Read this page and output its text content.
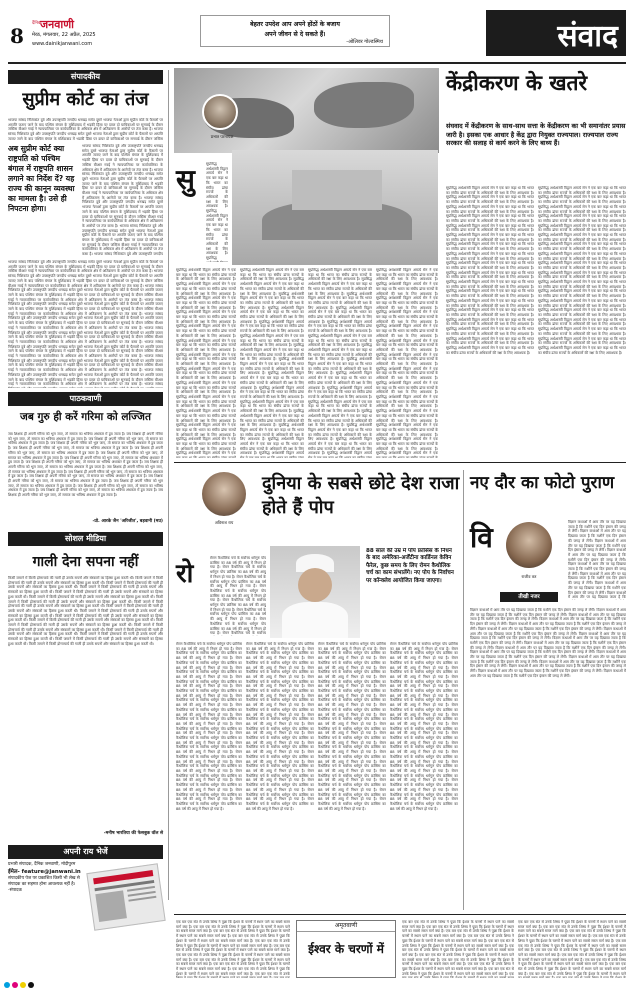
8
दैनिक
जनवाणी
मेरठ, मंगलवार, 22 अप्रैल, 2025
www.dainikjanwani.com
बेहतर उपदेश आप अपने होंठों के बजाय
अपने जीवन से दे सकते हैं।
-ओलिवर गोल्डस्मिथ	संवाद
संपादकीय
सुप्रीम कोर्ट का तंज
भाजपा सांसद निशिकांत दुबे और उपराष्ट्रपति जगदीप धनखड़ समेत दूसरे भाजपा नेताओं द्वारा सुप्रीम कोर्ट के फैसलों पर आपत्ति जताए जाने के बाद पश्चिम बंगाल के मुर्शिदाबाद में भड़की हिंसा पर दायर दो याचिकाओं पर सुनवाई के दौरान जस्टिस बीआर गवई ने न्यायपालिका पर कार्यपालिका के अधिकार क्षेत्र में अतिक्रमण के आरोपों पर तंज कसा है। भाजपा सांसद निशिकांत दुबे और उपराष्ट्रपति जगदीप धनखड़ समेत दूसरे भाजपा नेताओं द्वारा सुप्रीम कोर्ट के फैसलों पर आपत्ति जताए जाने के बाद पश्चिम बंगाल के मुर्शिदाबाद में भड़की हिंसा पर दायर दो याचिकाओं पर सुनवाई के दौरान जस्टिस
अब सुप्रीम कोर्ट क्या राष्ट्रपति को पश्चिम बंगाल में राष्ट्रपति शासन लगाने का निर्देश दें? यह राज्य की कानून व्यवस्था का मामला है। उसे ही निपटना होगा।
भाजपा सांसद निशिकांत दुबे और उपराष्ट्रपति जगदीप धनखड़ समेत दूसरे भाजपा नेताओं द्वारा सुप्रीम कोर्ट के फैसलों पर आपत्ति जताए जाने के बाद पश्चिम बंगाल के मुर्शिदाबाद में भड़की हिंसा पर दायर दो याचिकाओं पर सुनवाई के दौरान जस्टिस बीआर गवई ने न्यायपालिका पर कार्यपालिका के अधिकार क्षेत्र में अतिक्रमण के आरोपों पर तंज कसा है। भाजपा सांसद निशिकांत दुबे और उपराष्ट्रपति जगदीप धनखड़ समेत दूसरे भाजपा नेताओं द्वारा सुप्रीम कोर्ट के फैसलों पर आपत्ति जताए जाने के बाद पश्चिम बंगाल के मुर्शिदाबाद में भड़की हिंसा पर दायर दो याचिकाओं पर सुनवाई के दौरान जस्टिस बीआर गवई ने न्यायपालिका पर कार्यपालिका के अधिकार क्षेत्र में अतिक्रमण के आरोपों पर तंज कसा है। भाजपा सांसद निशिकांत दुबे और उपराष्ट्रपति जगदीप धनखड़ समेत दूसरे भाजपा नेताओं द्वारा सुप्रीम कोर्ट के फैसलों पर आपत्ति जताए जाने के बाद पश्चिम बंगाल के मुर्शिदाबाद में भड़की हिंसा पर दायर दो याचिकाओं पर सुनवाई के दौरान जस्टिस बीआर गवई ने न्यायपालिका पर कार्यपालिका के अधिकार क्षेत्र में अतिक्रमण के आरोपों पर तंज कसा है। भाजपा सांसद निशिकांत दुबे और उपराष्ट्रपति जगदीप धनखड़ समेत दूसरे भाजपा नेताओं द्वारा सुप्रीम कोर्ट के फैसलों पर आपत्ति जताए जाने के बाद पश्चिम बंगाल के मुर्शिदाबाद में भड़की हिंसा पर दायर दो याचिकाओं पर सुनवाई के दौरान जस्टिस बीआर गवई ने न्यायपालिका पर कार्यपालिका के अधिकार क्षेत्र में अतिक्रमण के आरोपों पर तंज कसा है। भाजपा सांसद निशिकांत दुबे और उपराष्ट्रपति जगदीप
भाजपा सांसद निशिकांत दुबे और उपराष्ट्रपति जगदीप धनखड़ समेत दूसरे भाजपा नेताओं द्वारा सुप्रीम कोर्ट के फैसलों पर आपत्ति जताए जाने के बाद पश्चिम बंगाल के मुर्शिदाबाद में भड़की हिंसा पर दायर दो याचिकाओं पर सुनवाई के दौरान जस्टिस बीआर गवई ने न्यायपालिका पर कार्यपालिका के अधिकार क्षेत्र में अतिक्रमण के आरोपों पर तंज कसा है। भाजपा सांसद निशिकांत दुबे और उपराष्ट्रपति जगदीप धनखड़ समेत दूसरे भाजपा नेताओं द्वारा सुप्रीम कोर्ट के फैसलों पर आपत्ति जताए जाने के बाद पश्चिम बंगाल के मुर्शिदाबाद में भड़की हिंसा पर दायर दो याचिकाओं पर सुनवाई के दौरान जस्टिस बीआर गवई ने न्यायपालिका पर कार्यपालिका के अधिकार क्षेत्र में अतिक्रमण के आरोपों पर तंज कसा है। भाजपा सांसद निशिकांत दुबे और उपराष्ट्रपति जगदीप धनखड़ समेत दूसरे भाजपा नेताओं द्वारा सुप्रीम कोर्ट के फैसलों पर आपत्ति जताए जाने के बाद पश्चिम बंगाल के मुर्शिदाबाद में भड़की हिंसा पर दायर दो याचिकाओं पर सुनवाई के दौरान जस्टिस बीआर गवई ने न्यायपालिका पर कार्यपालिका के अधिकार क्षेत्र में अतिक्रमण के आरोपों पर तंज कसा है। भाजपा सांसद निशिकांत दुबे और उपराष्ट्रपति जगदीप धनखड़ समेत दूसरे भाजपा नेताओं द्वारा सुप्रीम कोर्ट के फैसलों पर आपत्ति जताए जाने के बाद पश्चिम बंगाल के मुर्शिदाबाद में भड़की हिंसा पर दायर दो याचिकाओं पर सुनवाई के दौरान जस्टिस बीआर गवई ने न्यायपालिका पर कार्यपालिका के अधिकार क्षेत्र में अतिक्रमण के आरोपों पर तंज कसा है। भाजपा सांसद निशिकांत दुबे और उपराष्ट्रपति जगदीप धनखड़ समेत दूसरे भाजपा नेताओं द्वारा सुप्रीम कोर्ट के फैसलों पर आपत्ति जताए जाने के बाद पश्चिम बंगाल के मुर्शिदाबाद में भड़की हिंसा पर दायर दो याचिकाओं पर सुनवाई के दौरान जस्टिस बीआर गवई ने न्यायपालिका पर कार्यपालिका के अधिकार क्षेत्र में अतिक्रमण के आरोपों पर तंज कसा है। भाजपा सांसद निशिकांत दुबे और उपराष्ट्रपति जगदीप धनखड़ समेत दूसरे भाजपा नेताओं द्वारा सुप्रीम कोर्ट के फैसलों पर आपत्ति जताए जाने के बाद पश्चिम बंगाल के मुर्शिदाबाद में भड़की हिंसा पर दायर दो याचिकाओं पर सुनवाई के दौरान जस्टिस बीआर गवई ने न्यायपालिका पर कार्यपालिका के अधिकार क्षेत्र में अतिक्रमण के आरोपों पर तंज कसा है। भाजपा सांसद निशिकांत दुबे और उपराष्ट्रपति जगदीप धनखड़ समेत दूसरे भाजपा नेताओं द्वारा सुप्रीम कोर्ट के फैसलों पर आपत्ति जताए जाने के बाद पश्चिम बंगाल के मुर्शिदाबाद में भड़की हिंसा पर दायर दो याचिकाओं पर सुनवाई के दौरान जस्टिस बीआर गवई ने न्यायपालिका पर कार्यपालिका के अधिकार क्षेत्र में अतिक्रमण के आरोपों पर तंज कसा है। भाजपा सांसद निशिकांत दुबे और उपराष्ट्रपति जगदीप धनखड़ समेत दूसरे भाजपा नेताओं द्वारा सुप्रीम कोर्ट के फैसलों पर आपत्ति जताए जाने के बाद पश्चिम बंगाल के मुर्शिदाबाद में भड़की हिंसा पर दायर दो याचिकाओं पर सुनवाई के दौरान जस्टिस बीआर गवई ने न्यायपालिका पर कार्यपालिका के अधिकार क्षेत्र में अतिक्रमण के आरोपों पर तंज कसा है। भाजपा सांसद निशिकांत दुबे और उपराष्ट्रपति जगदीप धनखड़ समेत दूसरे भाजपा नेताओं द्वारा सुप्रीम कोर्ट के फैसलों पर आपत्ति जताए जाने के बाद पश्चिम बंगाल के मुर्शिदाबाद में भड़की हिंसा पर दायर दो याचिकाओं पर सुनवाई के दौरान जस्टिस बीआर गवई ने न्यायपालिका पर कार्यपालिका के अधिकार क्षेत्र में अतिक्रमण के आरोपों पर तंज कसा है। भाजपा सांसद
पाठकवाणी
जब गुरु ही करें गरिमा को लज्जित
जब शिक्षक ही अपनी गरिमा को भूल जाए, तो समाज का भविष्य अंधकार में डूब जाता है। जब शिक्षक ही अपनी गरिमा को भूल जाए, तो समाज का भविष्य अंधकार में डूब जाता है। जब शिक्षक ही अपनी गरिमा को भूल जाए, तो समाज का भविष्य अंधकार में डूब जाता है। जब शिक्षक ही अपनी गरिमा को भूल जाए, तो समाज का भविष्य अंधकार में डूब जाता है। जब शिक्षक ही अपनी गरिमा को भूल जाए, तो समाज का भविष्य अंधकार में डूब जाता है। जब शिक्षक ही अपनी गरिमा को भूल जाए, तो समाज का भविष्य अंधकार में डूब जाता है। जब शिक्षक ही अपनी गरिमा को भूल जाए, तो समाज का भविष्य अंधकार में डूब जाता है। जब शिक्षक ही अपनी गरिमा को भूल जाए, तो समाज का भविष्य अंधकार में डूब जाता है। जब शिक्षक ही अपनी गरिमा को भूल जाए, तो समाज का भविष्य अंधकार में डूब जाता है। जब शिक्षक ही अपनी गरिमा को भूल जाए, तो समाज का भविष्य अंधकार में डूब जाता है। जब शिक्षक ही अपनी गरिमा को भूल जाए, तो समाज का भविष्य अंधकार में डूब जाता है। जब शिक्षक ही अपनी गरिमा को भूल जाए, तो समाज का भविष्य अंधकार में डूब जाता है। जब शिक्षक ही अपनी गरिमा को भूल जाए, तो समाज का भविष्य अंधकार में डूब जाता है। जब शिक्षक ही अपनी गरिमा को भूल जाए, तो समाज का भविष्य अंधकार में डूब जाता है। जब शिक्षक ही अपनी गरिमा को भूल जाए, तो समाज का भविष्य अंधकार में डूब जाता है। जब शिक्षक ही अपनी गरिमा को भूल जाए, तो समाज का भविष्य अंधकार में डूब जाता है। जब शिक्षक ही अपनी गरिमा को भूल जाए, तो समाज का भविष्य अंधकार में डूब जाता है। जब शिक्षक ही अपनी गरिमा को भूल जाए, तो समाज का भविष्य अंधकार में डूब जाता है।
-प्रो. आरके जैन 'अरिजीत', बड़वानी (मप्र)
सोशल मीडिया
गाली देना सपना नहीं
किसी जमाने में किसी द्रोणाचार्य की गाली ही उसके सपनों और संस्कारों का हिस्सा हुआ करती थी। किसी जमाने में किसी द्रोणाचार्य की गाली ही उसके सपनों और संस्कारों का हिस्सा हुआ करती थी। किसी जमाने में किसी द्रोणाचार्य की गाली ही उसके सपनों और संस्कारों का हिस्सा हुआ करती थी। किसी जमाने में किसी द्रोणाचार्य की गाली ही उसके सपनों और संस्कारों का हिस्सा हुआ करती थी। किसी जमाने में किसी द्रोणाचार्य की गाली ही उसके सपनों और संस्कारों का हिस्सा हुआ करती थी। किसी जमाने में किसी द्रोणाचार्य की गाली ही उसके सपनों और संस्कारों का हिस्सा हुआ करती थी। किसी जमाने में किसी द्रोणाचार्य की गाली ही उसके सपनों और संस्कारों का हिस्सा हुआ करती थी। किसी जमाने में किसी द्रोणाचार्य की गाली ही उसके सपनों और संस्कारों का हिस्सा हुआ करती थी। किसी जमाने में किसी द्रोणाचार्य की गाली ही उसके सपनों और संस्कारों का हिस्सा हुआ करती थी। किसी जमाने में किसी द्रोणाचार्य की गाली ही उसके सपनों और संस्कारों का हिस्सा हुआ करती थी। किसी जमाने में किसी द्रोणाचार्य की गाली ही उसके सपनों और संस्कारों का हिस्सा हुआ करती थी। किसी जमाने में किसी द्रोणाचार्य की गाली ही उसके सपनों और संस्कारों का हिस्सा हुआ करती थी। किसी जमाने में किसी द्रोणाचार्य की गाली ही उसके सपनों और संस्कारों का हिस्सा हुआ करती थी। किसी जमाने में किसी द्रोणाचार्य की गाली ही उसके सपनों और संस्कारों का हिस्सा हुआ करती थी। किसी जमाने में किसी द्रोणाचार्य की गाली ही उसके सपनों और संस्कारों का हिस्सा हुआ करती थी। किसी जमाने में किसी द्रोणाचार्य की गाली ही उसके सपनों और संस्कारों का हिस्सा हुआ करती थी। किसी जमाने में किसी द्रोणाचार्य की गाली ही उसके सपनों और संस्कारों का हिस्सा हुआ करती थी। किसी जमाने में किसी द्रोणाचार्य की गाली ही उसके सपनों और संस्कारों का हिस्सा हुआ करती थी।
-मनीष भारतिया की फेसबुक वॉल से
अपनी राय भेजें
प्रभारी संपादक, दैनिक जनवाणी, मोदीपुरम
ईमेल- feature@janwani.in
संपादकीय पेज पर प्रकाशित किसी भी लेख से संपादक का सहमत होना आवश्यक नहीं है। -संपादक
प्रभात पटनायक
केंद्रीकरण के खतरे
संघवाद में केंद्रीकरण के साथ-साथ सत्ता के केंद्रीकरण का भी समानांतर प्रयास जारी है। इसका एक आधार है केंद्र द्वारा नियुक्त राज्यपाल। राज्यपाल राज्य सरकार की सलाह से कार्य करने के लिए बाध्य हैं।
सु	सुप्रसिद्ध अर्थशास्त्री विद्वान अमर्त्य सेन ने एक बार कहा था कि भारत का संघीय ढांचा राज्यों के अधिकारों की रक्षा के लिए आवश्यक है। सुप्रसिद्ध अर्थशास्त्री विद्वान अमर्त्य सेन ने एक बार कहा था कि भारत का संघीय ढांचा राज्यों के अधिकारों की रक्षा के लिए आवश्यक है। सुप्रसिद्ध
सुप्रसिद्ध अर्थशास्त्री विद्वान अमर्त्य सेन ने एक बार कहा था कि भारत का संघीय ढांचा राज्यों के अधिकारों की रक्षा के लिए आवश्यक है। सुप्रसिद्ध अर्थशास्त्री विद्वान अमर्त्य सेन ने एक बार कहा था कि भारत का संघीय ढांचा राज्यों के अधिकारों की रक्षा के लिए आवश्यक है। सुप्रसिद्ध अर्थशास्त्री विद्वान अमर्त्य सेन ने एक बार कहा था कि भारत का संघीय ढांचा राज्यों के अधिकारों की रक्षा के लिए आवश्यक है। सुप्रसिद्ध अर्थशास्त्री विद्वान अमर्त्य सेन ने एक बार कहा था कि भारत का संघीय ढांचा राज्यों के अधिकारों की रक्षा के लिए आवश्यक है। सुप्रसिद्ध अर्थशास्त्री विद्वान अमर्त्य सेन ने एक बार कहा था कि भारत का संघीय ढांचा राज्यों के अधिकारों की रक्षा के लिए आवश्यक है। सुप्रसिद्ध अर्थशास्त्री विद्वान अमर्त्य सेन ने एक बार कहा था कि भारत का संघीय ढांचा राज्यों के अधिकारों की रक्षा के लिए आवश्यक है। सुप्रसिद्ध अर्थशास्त्री विद्वान अमर्त्य सेन ने एक बार कहा था कि भारत का संघीय ढांचा राज्यों के अधिकारों की रक्षा के लिए आवश्यक है। सुप्रसिद्ध अर्थशास्त्री विद्वान अमर्त्य सेन ने एक बार कहा था कि भारत का संघीय ढांचा राज्यों के अधिकारों की रक्षा के लिए आवश्यक है। सुप्रसिद्ध अर्थशास्त्री विद्वान अमर्त्य सेन ने एक बार कहा था कि भारत का संघीय ढांचा राज्यों के अधिकारों की रक्षा के लिए आवश्यक है। सुप्रसिद्ध अर्थशास्त्री विद्वान अमर्त्य सेन ने एक बार कहा था कि भारत का संघीय ढांचा राज्यों के अधिकारों की रक्षा के लिए आवश्यक है। सुप्रसिद्ध अर्थशास्त्री विद्वान अमर्त्य सेन ने एक बार कहा था कि भारत का संघीय ढांचा राज्यों के अधिकारों की रक्षा के लिए आवश्यक है। सुप्रसिद्ध अर्थशास्त्री विद्वान अमर्त्य सेन ने एक बार कहा था कि भारत का संघीय ढांचा राज्यों के अधिकारों की रक्षा के लिए आवश्यक है। सुप्रसिद्ध अर्थशास्त्री विद्वान अमर्त्य सेन ने एक बार कहा था कि भारत का संघीय ढांचा राज्यों के अधिकारों की रक्षा के लिए आवश्यक है। सुप्रसिद्ध अर्थशास्त्री विद्वान अमर्त्य सेन ने एक
सुप्रसिद्ध अर्थशास्त्री विद्वान अमर्त्य सेन ने एक बार कहा था कि भारत का संघीय ढांचा राज्यों के अधिकारों की रक्षा के लिए आवश्यक है। सुप्रसिद्ध अर्थशास्त्री विद्वान अमर्त्य सेन ने एक बार कहा था कि भारत का संघीय ढांचा राज्यों के अधिकारों की रक्षा के लिए आवश्यक है। सुप्रसिद्ध अर्थशास्त्री विद्वान अमर्त्य सेन ने एक बार कहा था कि भारत का संघीय ढांचा राज्यों के अधिकारों की रक्षा के लिए आवश्यक है। सुप्रसिद्ध अर्थशास्त्री विद्वान अमर्त्य सेन ने एक बार कहा था कि भारत का संघीय ढांचा राज्यों के अधिकारों की रक्षा के लिए आवश्यक है। सुप्रसिद्ध अर्थशास्त्री विद्वान अमर्त्य सेन ने एक बार कहा था कि भारत का संघीय ढांचा राज्यों के अधिकारों की रक्षा के लिए आवश्यक है। सुप्रसिद्ध अर्थशास्त्री विद्वान अमर्त्य सेन ने एक बार कहा था कि भारत का संघीय ढांचा राज्यों के अधिकारों की रक्षा के लिए आवश्यक है। सुप्रसिद्ध अर्थशास्त्री विद्वान अमर्त्य सेन ने एक बार कहा था कि भारत का संघीय ढांचा राज्यों के अधिकारों की रक्षा के लिए आवश्यक है। सुप्रसिद्ध अर्थशास्त्री विद्वान अमर्त्य सेन ने एक बार कहा था कि भारत का संघीय ढांचा राज्यों के अधिकारों की रक्षा के लिए आवश्यक है। सुप्रसिद्ध अर्थशास्त्री विद्वान अमर्त्य सेन ने एक बार कहा था कि भारत का संघीय ढांचा राज्यों के अधिकारों की रक्षा के लिए आवश्यक है। सुप्रसिद्ध अर्थशास्त्री विद्वान अमर्त्य सेन ने एक बार कहा था कि भारत का संघीय ढांचा राज्यों के अधिकारों की रक्षा के लिए आवश्यक है। सुप्रसिद्ध अर्थशास्त्री विद्वान अमर्त्य सेन ने एक बार कहा था कि भारत का संघीय ढांचा राज्यों के अधिकारों की रक्षा के लिए आवश्यक है। सुप्रसिद्ध अर्थशास्त्री विद्वान अमर्त्य सेन ने एक बार कहा था कि भारत का संघीय ढांचा राज्यों के अधिकारों की रक्षा के लिए आवश्यक है। सुप्रसिद्ध अर्थशास्त्री विद्वान अमर्त्य सेन ने एक बार कहा था कि भारत का संघीय ढांचा राज्यों के अधिकारों की रक्षा के लिए आवश्यक है। सुप्रसिद्ध अर्थशास्त्री विद्वान अमर्त्य सेन ने एक बार कहा था कि भारत का संघीय ढांचा राज्यों के अधिकारों की रक्षा के लिए आवश्यक है। सुप्रसिद्ध अर्थशास्त्री विद्वान अमर्त्य
सुप्रसिद्ध अर्थशास्त्री विद्वान अमर्त्य सेन ने एक बार कहा था कि भारत का संघीय ढांचा राज्यों के अधिकारों की रक्षा के लिए आवश्यक है। सुप्रसिद्ध अर्थशास्त्री विद्वान अमर्त्य सेन ने एक बार कहा था कि भारत का संघीय ढांचा राज्यों के अधिकारों की रक्षा के लिए आवश्यक है। सुप्रसिद्ध अर्थशास्त्री विद्वान अमर्त्य सेन ने एक बार कहा था कि भारत का संघीय ढांचा राज्यों के अधिकारों की रक्षा के लिए आवश्यक है। सुप्रसिद्ध अर्थशास्त्री विद्वान अमर्त्य सेन ने एक बार कहा था कि भारत का संघीय ढांचा राज्यों के अधिकारों की रक्षा के लिए आवश्यक है। सुप्रसिद्ध अर्थशास्त्री विद्वान अमर्त्य सेन ने एक बार कहा था कि भारत का संघीय ढांचा राज्यों के अधिकारों की रक्षा के लिए आवश्यक है। सुप्रसिद्ध अर्थशास्त्री विद्वान अमर्त्य सेन ने एक बार कहा था कि भारत का संघीय ढांचा राज्यों के अधिकारों की रक्षा के लिए आवश्यक है। सुप्रसिद्ध अर्थशास्त्री विद्वान अमर्त्य सेन ने एक बार कहा था कि भारत का संघीय ढांचा राज्यों के अधिकारों की रक्षा के लिए आवश्यक है। सुप्रसिद्ध अर्थशास्त्री विद्वान अमर्त्य सेन ने एक बार कहा था कि भारत का संघीय ढांचा राज्यों के अधिकारों की रक्षा के लिए आवश्यक है। सुप्रसिद्ध अर्थशास्त्री विद्वान अमर्त्य सेन ने एक बार कहा था कि भारत का संघीय ढांचा राज्यों के अधिकारों की रक्षा के लिए आवश्यक है। सुप्रसिद्ध अर्थशास्त्री विद्वान अमर्त्य सेन ने एक बार कहा था कि भारत का संघीय ढांचा राज्यों के अधिकारों की रक्षा के लिए आवश्यक है। सुप्रसिद्ध अर्थशास्त्री विद्वान अमर्त्य सेन ने एक बार कहा था कि भारत का संघीय ढांचा राज्यों के अधिकारों की रक्षा के लिए आवश्यक है। सुप्रसिद्ध अर्थशास्त्री विद्वान अमर्त्य सेन ने एक बार कहा था कि भारत का संघीय ढांचा राज्यों के अधिकारों की रक्षा के लिए आवश्यक है। सुप्रसिद्ध अर्थशास्त्री विद्वान अमर्त्य सेन ने एक बार कहा था कि भारत का संघीय ढांचा राज्यों के अधिकारों की रक्षा के लिए आवश्यक है। सुप्रसिद्ध अर्थशास्त्री विद्वान अमर्त्य सेन ने एक बार कहा था कि भारत का संघीय ढांचा राज्यों के अधिकारों की रक्षा के लिए आवश्यक है। सुप्रसिद्ध अर्थशास्त्री विद्वान अमर्त्य
सुप्रसिद्ध अर्थशास्त्री विद्वान अमर्त्य सेन ने एक बार कहा था कि भारत का संघीय ढांचा राज्यों के अधिकारों की रक्षा के लिए आवश्यक है। सुप्रसिद्ध अर्थशास्त्री विद्वान अमर्त्य सेन ने एक बार कहा था कि भारत का संघीय ढांचा राज्यों के अधिकारों की रक्षा के लिए आवश्यक है। सुप्रसिद्ध अर्थशास्त्री विद्वान अमर्त्य सेन ने एक बार कहा था कि भारत का संघीय ढांचा राज्यों के अधिकारों की रक्षा के लिए आवश्यक है। सुप्रसिद्ध अर्थशास्त्री विद्वान अमर्त्य सेन ने एक बार कहा था कि भारत का संघीय ढांचा राज्यों के अधिकारों की रक्षा के लिए आवश्यक है। सुप्रसिद्ध अर्थशास्त्री विद्वान अमर्त्य सेन ने एक बार कहा था कि भारत का संघीय ढांचा राज्यों के अधिकारों की रक्षा के लिए आवश्यक है। सुप्रसिद्ध अर्थशास्त्री विद्वान अमर्त्य सेन ने एक बार कहा था कि भारत का संघीय ढांचा राज्यों के अधिकारों की रक्षा के लिए आवश्यक है। सुप्रसिद्ध अर्थशास्त्री विद्वान अमर्त्य सेन ने एक बार कहा था कि भारत का संघीय ढांचा राज्यों के अधिकारों की रक्षा के लिए आवश्यक है। सुप्रसिद्ध अर्थशास्त्री विद्वान अमर्त्य सेन ने एक बार कहा था कि भारत का संघीय ढांचा राज्यों के अधिकारों की रक्षा के लिए आवश्यक है। सुप्रसिद्ध अर्थशास्त्री विद्वान अमर्त्य सेन ने एक बार कहा था कि भारत का संघीय ढांचा राज्यों के अधिकारों की रक्षा के लिए आवश्यक है। सुप्रसिद्ध अर्थशास्त्री विद्वान अमर्त्य सेन ने एक बार कहा था कि भारत का संघीय ढांचा राज्यों के अधिकारों की रक्षा के लिए आवश्यक है। सुप्रसिद्ध अर्थशास्त्री विद्वान अमर्त्य सेन ने एक बार कहा था कि भारत का संघीय ढांचा राज्यों के अधिकारों की रक्षा के लिए आवश्यक है। सुप्रसिद्ध अर्थशास्त्री विद्वान अमर्त्य सेन ने एक बार कहा था कि भारत का संघीय ढांचा राज्यों के अधिकारों की रक्षा के लिए आवश्यक है। सुप्रसिद्ध अर्थशास्त्री विद्वान अमर्त्य सेन ने एक बार कहा था कि भारत का संघीय ढांचा राज्यों के अधिकारों की रक्षा के लिए आवश्यक है। सुप्रसिद्ध अर्थशास्त्री विद्वान अमर्त्य सेन ने एक
सुप्रसिद्ध अर्थशास्त्री विद्वान अमर्त्य सेन ने एक बार कहा था कि भारत का संघीय ढांचा राज्यों के अधिकारों की रक्षा के लिए आवश्यक है। सुप्रसिद्ध अर्थशास्त्री विद्वान अमर्त्य सेन ने एक बार कहा था कि भारत का संघीय ढांचा राज्यों के अधिकारों की रक्षा के लिए आवश्यक है। सुप्रसिद्ध अर्थशास्त्री विद्वान अमर्त्य सेन ने एक बार कहा था कि भारत का संघीय ढांचा राज्यों के अधिकारों की रक्षा के लिए आवश्यक है। सुप्रसिद्ध अर्थशास्त्री विद्वान अमर्त्य सेन ने एक बार कहा था कि भारत का संघीय ढांचा राज्यों के अधिकारों की रक्षा के लिए आवश्यक है। सुप्रसिद्ध अर्थशास्त्री विद्वान अमर्त्य सेन ने एक बार कहा था कि भारत का संघीय ढांचा राज्यों के अधिकारों की रक्षा के लिए आवश्यक है। सुप्रसिद्ध अर्थशास्त्री विद्वान अमर्त्य सेन ने एक बार कहा था कि भारत का संघीय ढांचा राज्यों के अधिकारों की रक्षा के लिए आवश्यक है। सुप्रसिद्ध अर्थशास्त्री विद्वान अमर्त्य सेन ने एक बार कहा था कि भारत का संघीय ढांचा राज्यों के अधिकारों की रक्षा के लिए आवश्यक है। सुप्रसिद्ध अर्थशास्त्री विद्वान अमर्त्य सेन ने एक बार कहा था कि भारत का संघीय ढांचा राज्यों के अधिकारों की रक्षा के लिए आवश्यक है। सुप्रसिद्ध अर्थशास्त्री विद्वान अमर्त्य सेन ने एक बार कहा था कि भारत का संघीय ढांचा राज्यों के अधिकारों की रक्षा के लिए आवश्यक है। सुप्रसिद्ध अर्थशास्त्री विद्वान अमर्त्य सेन ने एक बार कहा था कि भारत का संघीय ढांचा राज्यों के अधिकारों की रक्षा के लिए आवश्यक है। सुप्रसिद्ध अर्थशास्त्री विद्वान अमर्त्य सेन ने एक बार कहा था कि भारत का संघीय ढांचा राज्यों के अधिकारों की रक्षा के लिए आवश्यक है। सुप्रसिद्ध अर्थशास्त्री विद्वान अमर्त्य सेन ने एक बार कहा था कि भारत का संघीय ढांचा राज्यों के अधिकारों की रक्षा के लिए आवश्यक है। सुप्रसिद्ध अर्थशास्त्री विद्वान अमर्त्य सेन ने एक बार कहा था कि भारत का संघीय ढांचा राज्यों के अधिकारों की रक्षा के लिए आवश्यक है। सुप्रसिद्ध अर्थशास्त्री विद्वान अमर्त्य सेन ने एक बार कहा था कि भारत का संघीय ढांचा राज्यों के अधिकारों की रक्षा के लिए आवश्यक है। सुप्रसिद्ध अर्थशास्त्री विद्वान अमर्त्य सेन ने एक बार कहा था कि भारत का संघीय ढांचा राज्यों के अधिकारों की रक्षा के लिए आवश्यक है। सुप्रसिद्ध अर्थशास्त्री विद्वान अमर्त्य सेन ने एक बार कहा था कि भारत का संघीय ढांचा राज्यों के अधिकारों की रक्षा के लिए आवश्यक है। सुप्रसिद्ध अर्थशास्त्री विद्वान अमर्त्य सेन ने एक बार कहा था कि भारत का संघीय ढांचा राज्यों के अधिकारों की रक्षा के लिए आवश्यक है। सुप्रसिद्ध अर्थशास्त्री विद्वान अमर्त्य सेन ने एक बार कहा था कि भारत का संघीय ढांचा राज्यों के अधिकारों की रक्षा के लिए आवश्यक है।
सुप्रसिद्ध अर्थशास्त्री विद्वान अमर्त्य सेन ने एक बार कहा था कि भारत का संघीय ढांचा राज्यों के अधिकारों की रक्षा के लिए आवश्यक है। सुप्रसिद्ध अर्थशास्त्री विद्वान अमर्त्य सेन ने एक बार कहा था कि भारत का संघीय ढांचा राज्यों के अधिकारों की रक्षा के लिए आवश्यक है। सुप्रसिद्ध अर्थशास्त्री विद्वान अमर्त्य सेन ने एक बार कहा था कि भारत का संघीय ढांचा राज्यों के अधिकारों की रक्षा के लिए आवश्यक है। सुप्रसिद्ध अर्थशास्त्री विद्वान अमर्त्य सेन ने एक बार कहा था कि भारत का संघीय ढांचा राज्यों के अधिकारों की रक्षा के लिए आवश्यक है। सुप्रसिद्ध अर्थशास्त्री विद्वान अमर्त्य सेन ने एक बार कहा था कि भारत का संघीय ढांचा राज्यों के अधिकारों की रक्षा के लिए आवश्यक है। सुप्रसिद्ध अर्थशास्त्री विद्वान अमर्त्य सेन ने एक बार कहा था कि भारत का संघीय ढांचा राज्यों के अधिकारों की रक्षा के लिए आवश्यक है। सुप्रसिद्ध अर्थशास्त्री विद्वान अमर्त्य सेन ने एक बार कहा था कि भारत का संघीय ढांचा राज्यों के अधिकारों की रक्षा के लिए आवश्यक है। सुप्रसिद्ध अर्थशास्त्री विद्वान अमर्त्य सेन ने एक बार कहा था कि भारत का संघीय ढांचा राज्यों के अधिकारों की रक्षा के लिए आवश्यक है। सुप्रसिद्ध अर्थशास्त्री विद्वान अमर्त्य सेन ने एक बार कहा था कि भारत का संघीय ढांचा राज्यों के अधिकारों की रक्षा के लिए आवश्यक है। सुप्रसिद्ध अर्थशास्त्री विद्वान अमर्त्य सेन ने एक बार कहा था कि भारत का संघीय ढांचा राज्यों के अधिकारों की रक्षा के लिए आवश्यक है। सुप्रसिद्ध अर्थशास्त्री विद्वान अमर्त्य सेन ने एक बार कहा था कि भारत का संघीय ढांचा राज्यों के अधिकारों की रक्षा के लिए आवश्यक है। सुप्रसिद्ध अर्थशास्त्री विद्वान अमर्त्य सेन ने एक बार कहा था कि भारत का संघीय ढांचा राज्यों के अधिकारों की रक्षा के लिए आवश्यक है। सुप्रसिद्ध अर्थशास्त्री विद्वान अमर्त्य सेन ने एक बार कहा था कि भारत का संघीय ढांचा राज्यों के अधिकारों की रक्षा के लिए आवश्यक है। सुप्रसिद्ध अर्थशास्त्री विद्वान अमर्त्य सेन ने एक बार कहा था कि भारत का संघीय ढांचा राज्यों के अधिकारों की रक्षा के लिए आवश्यक है। सुप्रसिद्ध अर्थशास्त्री विद्वान अमर्त्य सेन ने एक बार कहा था कि भारत का संघीय ढांचा राज्यों के अधिकारों की रक्षा के लिए आवश्यक है। सुप्रसिद्ध अर्थशास्त्री विद्वान अमर्त्य सेन ने एक बार कहा था कि भारत का संघीय ढांचा राज्यों के अधिकारों की रक्षा के लिए आवश्यक है। सुप्रसिद्ध अर्थशास्त्री विद्वान अमर्त्य सेन ने एक बार कहा था कि भारत का संघीय ढांचा राज्यों के अधिकारों की रक्षा के लिए आवश्यक है। सुप्रसिद्ध अर्थशास्त्री विद्वान अमर्त्य सेन ने एक बार कहा था कि भारत का संघीय ढांचा राज्यों के अधिकारों की रक्षा के लिए आवश्यक है।
अविनाश राय
दुनिया के सबसे छोटे देश राजा होते हैं पोप
88 साल की उम्र में पोप फ्रांसिस के निधन के बाद अमेरिका-अर्जेंटीना कार्डिनल केविन फैरेल, कुछ समय के लिए रोमन कैथोलिक चर्च का काम संभालेंगे। नए पोप के निर्वाचन पर कॉन्क्लेव आयोजित किया जाएगा।
रो
रोमन कैथोलिक चर्च के सर्वोच्च धर्मगुरु पोप फ्रांसिस का 88 वर्ष की आयु में निधन हो गया है। रोमन कैथोलिक चर्च के सर्वोच्च धर्मगुरु पोप फ्रांसिस का 88 वर्ष की आयु में निधन हो गया है। रोमन कैथोलिक चर्च के सर्वोच्च धर्मगुरु पोप फ्रांसिस का 88 वर्ष की आयु में निधन हो गया है। रोमन कैथोलिक चर्च के सर्वोच्च धर्मगुरु पोप फ्रांसिस का 88 वर्ष की आयु में निधन हो गया है। रोमन कैथोलिक चर्च के सर्वोच्च धर्मगुरु पोप फ्रांसिस का 88 वर्ष की आयु में निधन हो गया है। रोमन कैथोलिक चर्च के सर्वोच्च धर्मगुरु पोप फ्रांसिस का 88 वर्ष की आयु में निधन हो गया है। रोमन कैथोलिक चर्च के सर्वोच्च धर्मगुरु पोप फ्रांसिस का 88 वर्ष की आयु में निधन हो गया है। रोमन कैथोलिक चर्च के सर्वोच्च
रोमन कैथोलिक चर्च के सर्वोच्च धर्मगुरु पोप फ्रांसिस का 88 वर्ष की आयु में निधन हो गया है। रोमन कैथोलिक चर्च के सर्वोच्च धर्मगुरु पोप फ्रांसिस का 88 वर्ष की आयु में निधन हो गया है। रोमन कैथोलिक चर्च के सर्वोच्च धर्मगुरु पोप फ्रांसिस का 88 वर्ष की आयु में निधन हो गया है। रोमन कैथोलिक चर्च के सर्वोच्च धर्मगुरु पोप फ्रांसिस का 88 वर्ष की आयु में निधन हो गया है। रोमन कैथोलिक चर्च के सर्वोच्च धर्मगुरु पोप फ्रांसिस का 88 वर्ष की आयु में निधन हो गया है। रोमन कैथोलिक चर्च के सर्वोच्च धर्मगुरु पोप फ्रांसिस का 88 वर्ष की आयु में निधन हो गया है। रोमन कैथोलिक चर्च के सर्वोच्च धर्मगुरु पोप फ्रांसिस का 88 वर्ष की आयु में निधन हो गया है। रोमन कैथोलिक चर्च के सर्वोच्च धर्मगुरु पोप फ्रांसिस का 88 वर्ष की आयु में निधन हो गया है। रोमन कैथोलिक चर्च के सर्वोच्च धर्मगुरु पोप फ्रांसिस का 88 वर्ष की आयु में निधन हो गया है। रोमन कैथोलिक चर्च के सर्वोच्च धर्मगुरु पोप फ्रांसिस का 88 वर्ष की आयु में निधन हो गया है। रोमन कैथोलिक चर्च के सर्वोच्च धर्मगुरु पोप फ्रांसिस का 88 वर्ष की आयु में निधन हो गया है। रोमन कैथोलिक चर्च के सर्वोच्च धर्मगुरु पोप फ्रांसिस का 88 वर्ष की आयु में निधन हो गया है। रोमन कैथोलिक चर्च के सर्वोच्च धर्मगुरु पोप फ्रांसिस का 88 वर्ष की आयु में निधन हो गया है। रोमन कैथोलिक चर्च के सर्वोच्च धर्मगुरु पोप फ्रांसिस का 88 वर्ष की आयु में निधन हो गया है। रोमन कैथोलिक चर्च के सर्वोच्च धर्मगुरु पोप फ्रांसिस का 88 वर्ष की आयु में निधन हो गया है। रोमन कैथोलिक चर्च के सर्वोच्च धर्मगुरु पोप फ्रांसिस का 88 वर्ष की आयु में निधन हो गया है। रोमन कैथोलिक चर्च के सर्वोच्च धर्मगुरु पोप फ्रांसिस का 88 वर्ष की आयु में निधन हो गया है। रोमन कैथोलिक चर्च के सर्वोच्च धर्मगुरु पोप फ्रांसिस का 88 वर्ष की आयु में निधन हो गया है।
रोमन कैथोलिक चर्च के सर्वोच्च धर्मगुरु पोप फ्रांसिस का 88 वर्ष की आयु में निधन हो गया है। रोमन कैथोलिक चर्च के सर्वोच्च धर्मगुरु पोप फ्रांसिस का 88 वर्ष की आयु में निधन हो गया है। रोमन कैथोलिक चर्च के सर्वोच्च धर्मगुरु पोप फ्रांसिस का 88 वर्ष की आयु में निधन हो गया है। रोमन कैथोलिक चर्च के सर्वोच्च धर्मगुरु पोप फ्रांसिस का 88 वर्ष की आयु में निधन हो गया है। रोमन कैथोलिक चर्च के सर्वोच्च धर्मगुरु पोप फ्रांसिस का 88 वर्ष की आयु में निधन हो गया है। रोमन कैथोलिक चर्च के सर्वोच्च धर्मगुरु पोप फ्रांसिस का 88 वर्ष की आयु में निधन हो गया है। रोमन कैथोलिक चर्च के सर्वोच्च धर्मगुरु पोप फ्रांसिस का 88 वर्ष की आयु में निधन हो गया है। रोमन कैथोलिक चर्च के सर्वोच्च धर्मगुरु पोप फ्रांसिस का 88 वर्ष की आयु में निधन हो गया है। रोमन कैथोलिक चर्च के सर्वोच्च धर्मगुरु पोप फ्रांसिस का 88 वर्ष की आयु में निधन हो गया है। रोमन कैथोलिक चर्च के सर्वोच्च धर्मगुरु पोप फ्रांसिस का 88 वर्ष की आयु में निधन हो गया है। रोमन कैथोलिक चर्च के सर्वोच्च धर्मगुरु पोप फ्रांसिस का 88 वर्ष की आयु में निधन हो गया है। रोमन कैथोलिक चर्च के सर्वोच्च धर्मगुरु पोप फ्रांसिस का 88 वर्ष की आयु में निधन हो गया है। रोमन कैथोलिक चर्च के सर्वोच्च धर्मगुरु पोप फ्रांसिस का 88 वर्ष की आयु में निधन हो गया है। रोमन कैथोलिक चर्च के सर्वोच्च धर्मगुरु पोप फ्रांसिस का 88 वर्ष की आयु में निधन हो गया है। रोमन कैथोलिक चर्च के सर्वोच्च धर्मगुरु पोप फ्रांसिस का 88 वर्ष की आयु में निधन हो गया है। रोमन कैथोलिक चर्च के सर्वोच्च धर्मगुरु पोप फ्रांसिस का 88 वर्ष की आयु में निधन हो गया है। रोमन कैथोलिक चर्च के सर्वोच्च धर्मगुरु पोप फ्रांसिस का 88 वर्ष की आयु में निधन हो गया है। रोमन कैथोलिक चर्च के सर्वोच्च धर्मगुरु पोप फ्रांसिस का 88 वर्ष की आयु में निधन हो गया है।
रोमन कैथोलिक चर्च के सर्वोच्च धर्मगुरु पोप फ्रांसिस का 88 वर्ष की आयु में निधन हो गया है। रोमन कैथोलिक चर्च के सर्वोच्च धर्मगुरु पोप फ्रांसिस का 88 वर्ष की आयु में निधन हो गया है। रोमन कैथोलिक चर्च के सर्वोच्च धर्मगुरु पोप फ्रांसिस का 88 वर्ष की आयु में निधन हो गया है। रोमन कैथोलिक चर्च के सर्वोच्च धर्मगुरु पोप फ्रांसिस का 88 वर्ष की आयु में निधन हो गया है। रोमन कैथोलिक चर्च के सर्वोच्च धर्मगुरु पोप फ्रांसिस का 88 वर्ष की आयु में निधन हो गया है। रोमन कैथोलिक चर्च के सर्वोच्च धर्मगुरु पोप फ्रांसिस का 88 वर्ष की आयु में निधन हो गया है। रोमन कैथोलिक चर्च के सर्वोच्च धर्मगुरु पोप फ्रांसिस का 88 वर्ष की आयु में निधन हो गया है। रोमन कैथोलिक चर्च के सर्वोच्च धर्मगुरु पोप फ्रांसिस का 88 वर्ष की आयु में निधन हो गया है। रोमन कैथोलिक चर्च के सर्वोच्च धर्मगुरु पोप फ्रांसिस का 88 वर्ष की आयु में निधन हो गया है। रोमन कैथोलिक चर्च के सर्वोच्च धर्मगुरु पोप फ्रांसिस का 88 वर्ष की आयु में निधन हो गया है। रोमन कैथोलिक चर्च के सर्वोच्च धर्मगुरु पोप फ्रांसिस का 88 वर्ष की आयु में निधन हो गया है। रोमन कैथोलिक चर्च के सर्वोच्च धर्मगुरु पोप फ्रांसिस का 88 वर्ष की आयु में निधन हो गया है। रोमन कैथोलिक चर्च के सर्वोच्च धर्मगुरु पोप फ्रांसिस का 88 वर्ष की आयु में निधन हो गया है। रोमन कैथोलिक चर्च के सर्वोच्च धर्मगुरु पोप फ्रांसिस का 88 वर्ष की आयु में निधन हो गया है। रोमन कैथोलिक चर्च के सर्वोच्च धर्मगुरु पोप फ्रांसिस का 88 वर्ष की आयु में निधन हो गया है। रोमन कैथोलिक चर्च के सर्वोच्च धर्मगुरु पोप फ्रांसिस का 88 वर्ष की आयु में निधन हो गया है। रोमन कैथोलिक चर्च के सर्वोच्च धर्मगुरु पोप फ्रांसिस का 88 वर्ष की आयु में निधन हो गया है। रोमन कैथोलिक चर्च के सर्वोच्च धर्मगुरु पोप फ्रांसिस का 88 वर्ष की आयु में निधन हो गया है।
रोमन कैथोलिक चर्च के सर्वोच्च धर्मगुरु पोप फ्रांसिस का 88 वर्ष की आयु में निधन हो गया है। रोमन कैथोलिक चर्च के सर्वोच्च धर्मगुरु पोप फ्रांसिस का 88 वर्ष की आयु में निधन हो गया है। रोमन कैथोलिक चर्च के सर्वोच्च धर्मगुरु पोप फ्रांसिस का 88 वर्ष की आयु में निधन हो गया है। रोमन कैथोलिक चर्च के सर्वोच्च धर्मगुरु पोप फ्रांसिस का 88 वर्ष की आयु में निधन हो गया है। रोमन कैथोलिक चर्च के सर्वोच्च धर्मगुरु पोप फ्रांसिस का 88 वर्ष की आयु में निधन हो गया है। रोमन कैथोलिक चर्च के सर्वोच्च धर्मगुरु पोप फ्रांसिस का 88 वर्ष की आयु में निधन हो गया है। रोमन कैथोलिक चर्च के सर्वोच्च धर्मगुरु पोप फ्रांसिस का 88 वर्ष की आयु में निधन हो गया है। रोमन कैथोलिक चर्च के सर्वोच्च धर्मगुरु पोप फ्रांसिस का 88 वर्ष की आयु में निधन हो गया है। रोमन कैथोलिक चर्च के सर्वोच्च धर्मगुरु पोप फ्रांसिस का 88 वर्ष की आयु में निधन हो गया है। रोमन कैथोलिक चर्च के सर्वोच्च धर्मगुरु पोप फ्रांसिस का 88 वर्ष की आयु में निधन हो गया है। रोमन कैथोलिक चर्च के सर्वोच्च धर्मगुरु पोप फ्रांसिस का 88 वर्ष की आयु में निधन हो गया है। रोमन कैथोलिक चर्च के सर्वोच्च धर्मगुरु पोप फ्रांसिस का 88 वर्ष की आयु में निधन हो गया है। रोमन कैथोलिक चर्च के सर्वोच्च धर्मगुरु पोप फ्रांसिस का 88 वर्ष की आयु में निधन हो गया है। रोमन कैथोलिक चर्च के सर्वोच्च धर्मगुरु पोप फ्रांसिस का 88 वर्ष की आयु में निधन हो गया है। रोमन कैथोलिक चर्च के सर्वोच्च धर्मगुरु पोप फ्रांसिस का 88 वर्ष की आयु में निधन हो गया है। रोमन कैथोलिक चर्च के सर्वोच्च धर्मगुरु पोप फ्रांसिस का 88 वर्ष की आयु में निधन हो गया है। रोमन कैथोलिक चर्च के सर्वोच्च धर्मगुरु पोप फ्रांसिस का 88 वर्ष की आयु में निधन हो गया है। रोमन कैथोलिक चर्च के सर्वोच्च धर्मगुरु पोप फ्रांसिस का 88 वर्ष की आयु में निधन हो गया है।
नए दौर का फोटो पुराण
वि	विज्ञान कथाओं में आम तौर पर यह दिखाया जाता है कि मशीनें एक दिन इंसान की जगह ले लेंगी। विज्ञान कथाओं में आम तौर पर यह दिखाया जाता है कि मशीनें एक दिन इंसान की जगह ले लेंगी। विज्ञान कथाओं में आम तौर पर यह दिखाया जाता है कि मशीनें एक दिन इंसान की जगह ले लेंगी। विज्ञान कथाओं में आम तौर पर यह दिखाया जाता है कि मशीनें एक दिन इंसान की जगह ले लेंगी। विज्ञान कथाओं में आम तौर पर यह दिखाया जाता है कि मशीनें एक दिन इंसान की जगह ले लेंगी। विज्ञान कथाओं में आम तौर पर यह दिखाया जाता है कि मशीनें एक दिन इंसान की जगह ले लेंगी। विज्ञान कथाओं में आम तौर पर यह दिखाया जाता है कि मशीनें एक दिन इंसान की जगह ले लेंगी। विज्ञान कथाओं में आम तौर पर यह दिखाया जाता है कि
राजीव कर
तीखी नजर
विज्ञान कथाओं में आम तौर पर यह दिखाया जाता है कि मशीनें एक दिन इंसान की जगह ले लेंगी। विज्ञान कथाओं में आम तौर पर यह दिखाया जाता है कि मशीनें एक दिन इंसान की जगह ले लेंगी। विज्ञान कथाओं में आम तौर पर यह दिखाया जाता है कि मशीनें एक दिन इंसान की जगह ले लेंगी। विज्ञान कथाओं में आम तौर पर यह दिखाया जाता है कि मशीनें एक दिन इंसान की जगह ले लेंगी। विज्ञान कथाओं में आम तौर पर यह दिखाया जाता है कि मशीनें एक दिन इंसान की जगह ले लेंगी। विज्ञान कथाओं में आम तौर पर यह दिखाया जाता है कि मशीनें एक दिन इंसान की जगह ले लेंगी। विज्ञान कथाओं में आम तौर पर यह दिखाया जाता है कि मशीनें एक दिन इंसान की जगह ले लेंगी। विज्ञान कथाओं में आम तौर पर यह दिखाया जाता है कि मशीनें एक दिन इंसान की जगह ले लेंगी। विज्ञान कथाओं में आम तौर पर यह दिखाया जाता है कि मशीनें एक दिन इंसान की जगह ले लेंगी। विज्ञान कथाओं में आम तौर पर यह दिखाया जाता है कि मशीनें एक दिन इंसान की जगह ले लेंगी। विज्ञान कथाओं में आम तौर पर यह दिखाया जाता है कि मशीनें एक दिन इंसान की जगह ले लेंगी। विज्ञान कथाओं में आम तौर पर यह दिखाया जाता है कि मशीनें एक दिन इंसान की जगह ले लेंगी। विज्ञान कथाओं में आम तौर पर यह दिखाया जाता है कि मशीनें एक दिन इंसान की जगह ले लेंगी। विज्ञान कथाओं में आम तौर पर यह दिखाया जाता है कि मशीनें एक दिन इंसान की जगह ले लेंगी। विज्ञान कथाओं में आम तौर पर यह दिखाया जाता है कि मशीनें एक दिन इंसान की जगह ले लेंगी। विज्ञान कथाओं में आम तौर पर यह दिखाया जाता है कि मशीनें एक दिन इंसान की जगह ले लेंगी। विज्ञान कथाओं में आम तौर पर यह दिखाया जाता है कि मशीनें एक दिन इंसान की जगह ले लेंगी। विज्ञान कथाओं में आम तौर पर यह दिखाया जाता है कि मशीनें एक दिन इंसान की जगह ले लेंगी।
एक बार एक संत से उनके शिष्य ने पूछा कि ईश्वर के चरणों में स्थान पाने का सबसे सरल मार्ग क्या है। एक बार एक संत से उनके शिष्य ने पूछा कि ईश्वर के चरणों में स्थान पाने का सबसे सरल मार्ग क्या है। एक बार एक संत से उनके शिष्य ने पूछा कि ईश्वर के चरणों में स्थान पाने का सबसे सरल मार्ग क्या है। एक बार एक संत से उनके शिष्य ने पूछा कि ईश्वर के चरणों में स्थान पाने का सबसे सरल मार्ग क्या है। एक बार एक संत से उनके शिष्य ने पूछा कि ईश्वर के चरणों में स्थान पाने का सबसे सरल मार्ग क्या है। एक बार एक संत से उनके शिष्य ने पूछा कि ईश्वर के चरणों में स्थान पाने का सबसे सरल मार्ग क्या है। एक बार एक संत से उनके शिष्य ने पूछा कि ईश्वर के चरणों में स्थान पाने का सबसे सरल मार्ग क्या है। एक बार एक संत से उनके शिष्य ने पूछा कि ईश्वर के चरणों में स्थान पाने का सबसे सरल मार्ग क्या है। एक बार एक संत से उनके शिष्य ने पूछा कि ईश्वर के चरणों में स्थान पाने का सबसे सरल मार्ग क्या है। एक बार एक संत से उनके शिष्य ने पूछा कि ईश्वर के चरणों में स्थान पाने का सबसे सरल मार्ग क्या है। एक बार एक संत से उनके
अमृतवाणी
ईश्वर के चरणों में
एक बार एक संत से उनके शिष्य ने पूछा कि ईश्वर के चरणों में स्थान पाने का सबसे सरल मार्ग क्या है। एक बार एक संत से उनके शिष्य ने पूछा कि ईश्वर के चरणों में स्थान पाने का सबसे सरल मार्ग क्या है। एक बार एक संत से उनके शिष्य ने पूछा कि ईश्वर के चरणों में स्थान पाने का सबसे सरल मार्ग क्या है। एक बार एक संत से उनके शिष्य ने पूछा कि ईश्वर के चरणों में स्थान पाने का सबसे सरल मार्ग क्या है। एक बार एक संत से उनके शिष्य ने पूछा कि ईश्वर के चरणों में स्थान पाने का सबसे सरल मार्ग क्या है। एक बार एक संत से उनके शिष्य ने पूछा कि ईश्वर के चरणों में स्थान पाने का सबसे सरल मार्ग क्या है। एक बार एक संत से उनके शिष्य ने पूछा कि ईश्वर के चरणों में स्थान पाने का सबसे सरल मार्ग क्या है। एक बार एक संत से उनके शिष्य ने पूछा कि ईश्वर के चरणों में स्थान पाने का सबसे सरल मार्ग क्या है। एक बार एक संत से उनके शिष्य ने पूछा कि ईश्वर के चरणों में स्थान पाने का सबसे सरल मार्ग क्या है। एक बार एक संत से उनके शिष्य ने पूछा कि ईश्वर के चरणों में स्थान पाने का सबसे सरल मार्ग क्या है। एक
एक बार एक संत से उनके शिष्य ने पूछा कि ईश्वर के चरणों में स्थान पाने का सबसे सरल मार्ग क्या है। एक बार एक संत से उनके शिष्य ने पूछा कि ईश्वर के चरणों में स्थान पाने का सबसे सरल मार्ग क्या है। एक बार एक संत से उनके शिष्य ने पूछा कि ईश्वर के चरणों में स्थान पाने का सबसे सरल मार्ग क्या है। एक बार एक संत से उनके शिष्य ने पूछा कि ईश्वर के चरणों में स्थान पाने का सबसे सरल मार्ग क्या है। एक बार एक संत से उनके शिष्य ने पूछा कि ईश्वर के चरणों में स्थान पाने का सबसे सरल मार्ग क्या है। एक बार एक संत से उनके शिष्य ने पूछा कि ईश्वर के चरणों में स्थान पाने का सबसे सरल मार्ग क्या है। एक बार एक संत से उनके शिष्य ने पूछा कि ईश्वर के चरणों में स्थान पाने का सबसे सरल मार्ग क्या है। एक बार एक संत से उनके शिष्य ने पूछा कि ईश्वर के चरणों में स्थान पाने का सबसे सरल मार्ग क्या है। एक बार एक संत से उनके शिष्य ने पूछा कि ईश्वर के चरणों में स्थान पाने का सबसे सरल मार्ग क्या है। एक बार एक संत से उनके शिष्य ने पूछा कि ईश्वर के चरणों में स्थान पाने
